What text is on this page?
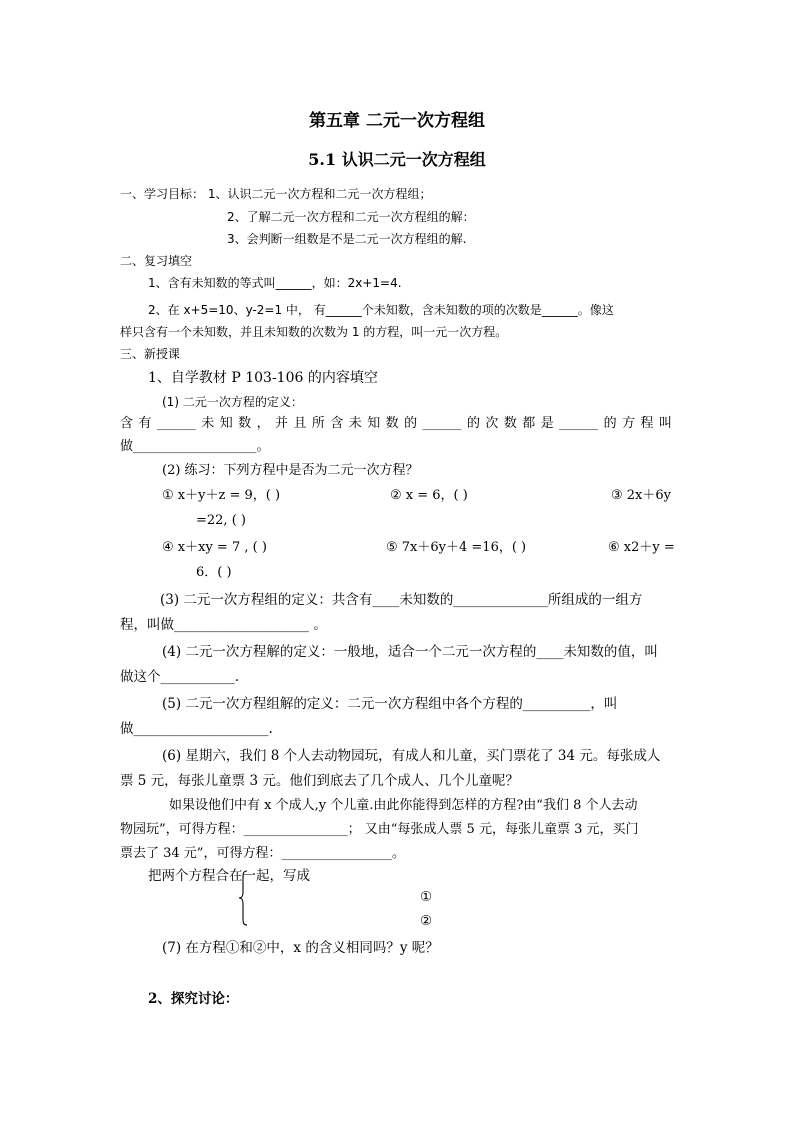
第五章 二元一次方程组
5.1 认识二元一次方程组
一、学习目标： 1、认识二元一次方程和二元一次方程组；
2、了解二元一次方程和二元一次方程组的解：
3、会判断一组数是不是二元一次方程组的解.
二、复习填空
1、含有未知数的等式叫______，如：2x+1=4.
2、在 x+5=10、y-2=1 中， 有______个未知数，含未知数的项的次数是______。像这
样只含有一个未知数，并且未知数的次数为 1 的方程，叫一元一次方程。
三、新授课
1、自学教材 P 103-106 的内容填空
(1) 二元一次方程的定义：
含 有 ______ 未 知 数 ， 并 且 所 含 未 知 数 的 ______ 的 次 数 都 是 ______ 的 方 程 叫
做___________________。
(2) 练习：下列方程中是否为二元一次方程？
① x＋y＋z = 9，( )	② x = 6，( )	③ 2x＋6y
=22, ( )
④ x＋xy = 7 , ( )	⑤ 7x＋6y＋4 =16，( )	⑥ x2＋y =
6．( )
(3) 二元一次方程组的定义：共含有____未知数的______________所组成的一组方
程，叫做____________________ 。
(4) 二元一次方程解的定义：一般地，适合一个二元一次方程的____未知数的值，叫
做这个___________.
(5) 二元一次方程组解的定义：二元一次方程组中各个方程的__________，叫
做____________________.
(6) 星期六，我们 8 个人去动物园玩，有成人和儿童，买门票花了 34 元。每张成人
票 5 元，每张儿童票 3 元。他们到底去了几个成人、几个儿童呢？
如果设他们中有 x 个成人,y 个儿童.由此你能得到怎样的方程?由“我们 8 个人去动
物园玩”，可得方程：________________； 又由“每张成人票 5 元，每张儿童票 3 元，买门
票去了 34 元”，可得方程：_________________。
把两个方程合在一起，写成
①
②
(7) 在方程①和②中，x 的含义相同吗？y 呢？
2、探究讨论：
